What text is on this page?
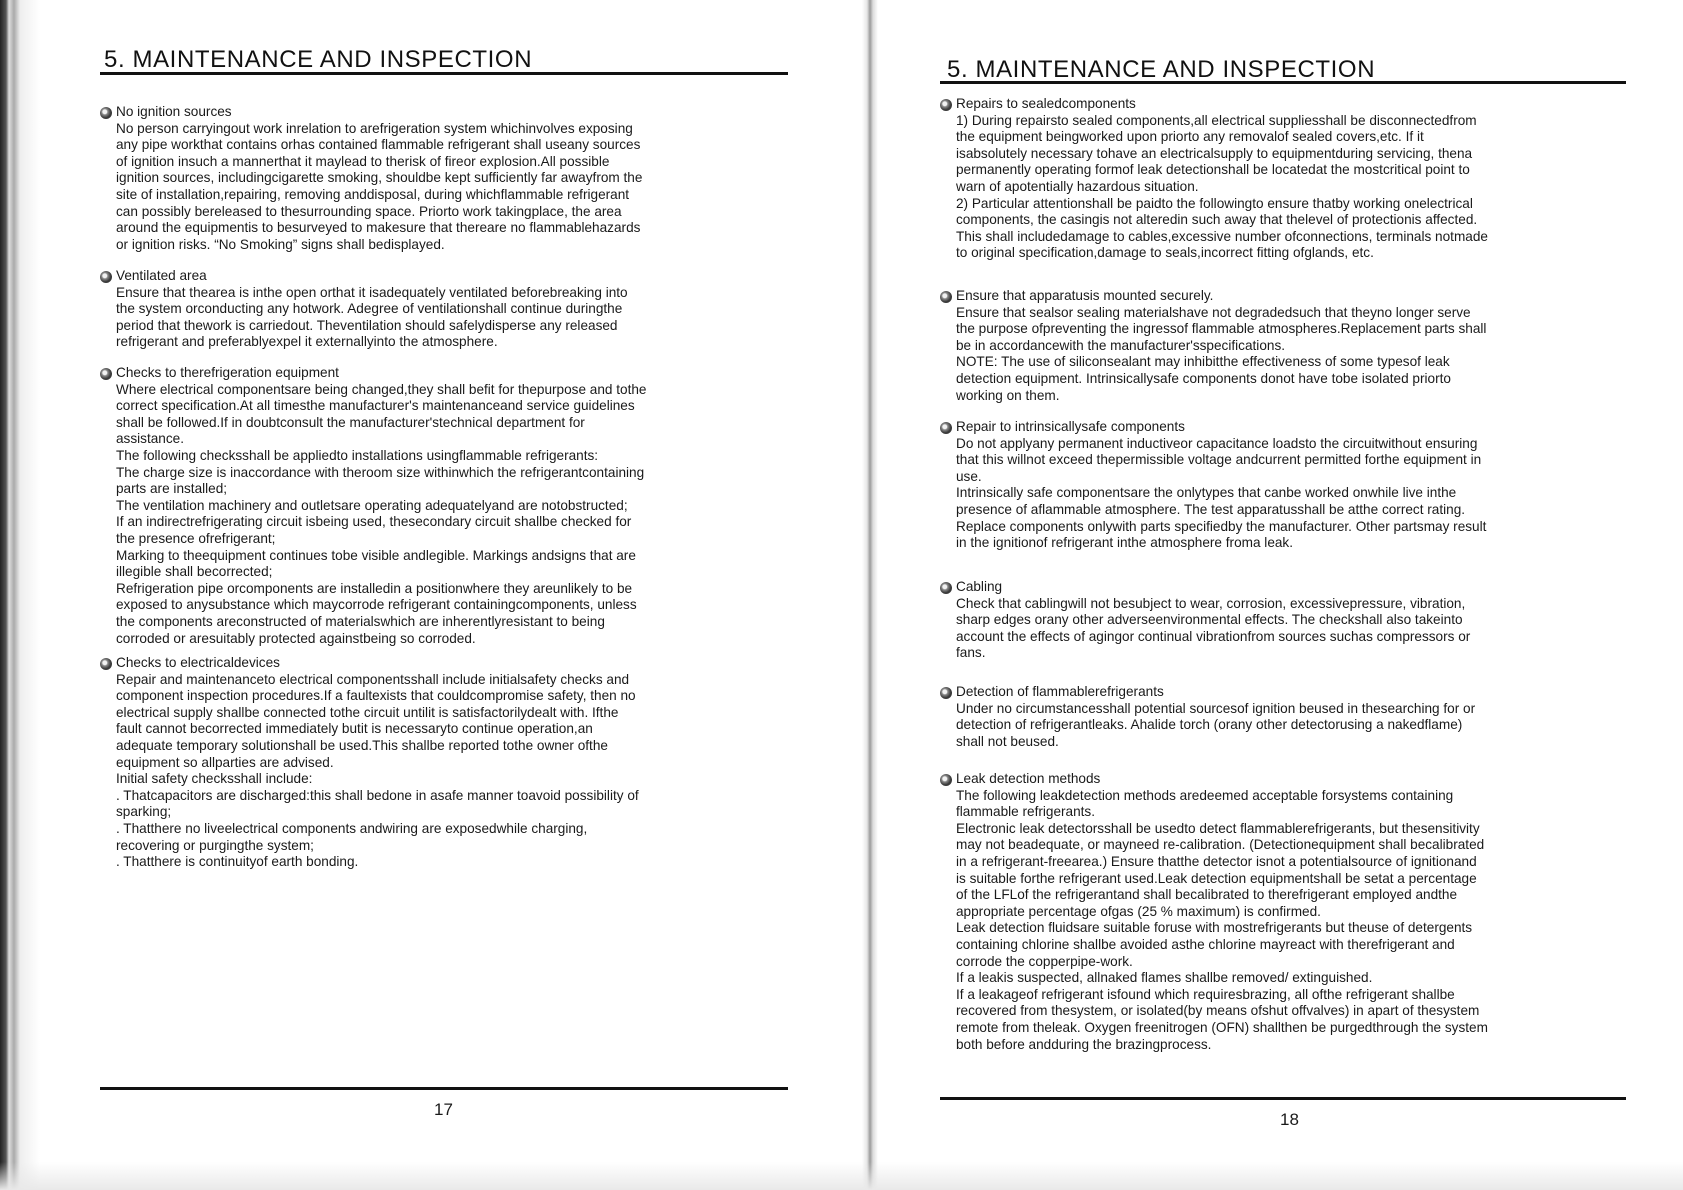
5. MAINTENANCE AND INSPECTION
No ignition sources
No person carryingout work inrelation to arefrigeration system whichinvolves exposing
any pipe workthat contains orhas contained flammable refrigerant shall useany sources
of ignition insuch a mannerthat it maylead to therisk of fireor explosion.All possible
ignition sources, includingcigarette smoking, shouldbe kept sufficiently far awayfrom the
site of installation,repairing, removing anddisposal, during whichflammable refrigerant
can possibly bereleased to thesurrounding space. Priorto work takingplace, the area
around the equipmentis to besurveyed to makesure that thereare no flammablehazards
or ignition risks. “No Smoking” signs shall bedisplayed.
Ventilated area
Ensure that thearea is inthe open orthat it isadequately ventilated beforebreaking into
the system orconducting any hotwork. Adegree of ventilationshall continue duringthe
period that thework is carriedout. Theventilation should safelydisperse any released
refrigerant and preferablyexpel it externallyinto the atmosphere.
Checks to therefrigeration equipment
Where electrical componentsare being changed,they shall befit for thepurpose and tothe
correct specification.At all timesthe manufacturer's maintenanceand service guidelines
shall be followed.If in doubtconsult the manufacturer'stechnical department for
assistance.
The following checksshall be appliedto installations usingflammable refrigerants:
The charge size is inaccordance with theroom size withinwhich the refrigerantcontaining
parts are installed;
The ventilation machinery and outletsare operating adequatelyand are notobstructed;
If an indirectrefrigerating circuit isbeing used, thesecondary circuit shallbe checked for
the presence ofrefrigerant;
Marking to theequipment continues tobe visible andlegible. Markings andsigns that are
illegible shall becorrected;
Refrigeration pipe orcomponents are installedin a positionwhere they areunlikely to be
exposed to anysubstance which maycorrode refrigerant containingcomponents, unless
the components areconstructed of materialswhich are inherentlyresistant to being
corroded or aresuitably protected againstbeing so corroded.
Checks to electricaldevices
Repair and maintenanceto electrical componentsshall include initialsafety checks and
component inspection procedures.If a faultexists that couldcompromise safety, then no
electrical supply shallbe connected tothe circuit untilit is satisfactorilydealt with. Ifthe
fault cannot becorrected immediately butit is necessaryto continue operation,an
adequate temporary solutionshall be used.This shallbe reported tothe owner ofthe
equipment so allparties are advised.
Initial safety checksshall include:
. Thatcapacitors are discharged:this shall bedone in asafe manner toavoid possibility of
sparking;
. Thatthere no liveelectrical components andwiring are exposedwhile charging,
recovering or purgingthe system;
. Thatthere is continuityof earth bonding.
17
5. MAINTENANCE AND INSPECTION
Repairs to sealedcomponents
1) During repairsto sealed components,all electrical suppliesshall be disconnectedfrom
the equipment beingworked upon priorto any removalof sealed covers,etc. If it
isabsolutely necessary tohave an electricalsupply to equipmentduring servicing, thena
permanently operating formof leak detectionshall be locatedat the mostcritical point to
warn of apotentially hazardous situation.
2) Particular attentionshall be paidto the followingto ensure thatby working onelectrical
components, the casingis not alteredin such away that thelevel of protectionis affected.
This shall includedamage to cables,excessive number ofconnections, terminals notmade
to original specification,damage to seals,incorrect fitting ofglands, etc.
Ensure that apparatusis mounted securely.
Ensure that sealsor sealing materialshave not degradedsuch that theyno longer serve
the purpose ofpreventing the ingressof flammable atmospheres.Replacement parts shall
be in accordancewith the manufacturer'sspecifications.
NOTE: The use of siliconsealant may inhibitthe effectiveness of some typesof leak
detection equipment. Intrinsicallysafe components donot have tobe isolated priorto
working on them.
Repair to intrinsicallysafe components
Do not applyany permanent inductiveor capacitance loadsto the circuitwithout ensuring
that this willnot exceed thepermissible voltage andcurrent permitted forthe equipment in
use.
Intrinsically safe componentsare the onlytypes that canbe worked onwhile live inthe
presence of aflammable atmosphere. The test apparatusshall be atthe correct rating.
Replace components onlywith parts specifiedby the manufacturer. Other partsmay result
in the ignitionof refrigerant inthe atmosphere froma leak.
Cabling
Check that cablingwill not besubject to wear, corrosion, excessivepressure, vibration,
sharp edges orany other adverseenvironmental effects. The checkshall also takeinto
account the effects of agingor continual vibrationfrom sources suchas compressors or
fans.
Detection of flammablerefrigerants
Under no circumstancesshall potential sourcesof ignition beused in thesearching for or
detection of refrigerantleaks. Ahalide torch (orany other detectorusing a nakedflame)
shall not beused.
Leak detection methods
The following leakdetection methods aredeemed acceptable forsystems containing
flammable refrigerants.
Electronic leak detectorsshall be usedto detect flammablerefrigerants, but thesensitivity
may not beadequate, or mayneed re-calibration. (Detectionequipment shall becalibrated
in a refrigerant-freearea.) Ensure thatthe detector isnot a potentialsource of ignitionand
is suitable forthe refrigerant used.Leak detection equipmentshall be setat a percentage
of the LFLof the refrigerantand shall becalibrated to therefrigerant employed andthe
appropriate percentage ofgas (25 % maximum) is confirmed.
Leak detection fluidsare suitable foruse with mostrefrigerants but theuse of detergents
containing chlorine shallbe avoided asthe chlorine mayreact with therefrigerant and
corrode the copperpipe-work.
If a leakis suspected, allnaked flames shallbe removed/ extinguished.
If a leakageof refrigerant isfound which requiresbrazing, all ofthe refrigerant shallbe
recovered from thesystem, or isolated(by means ofshut offvalves) in apart of thesystem
remote from theleak. Oxygen freenitrogen (OFN) shallthen be purgedthrough the system
both before andduring the brazingprocess.
18
